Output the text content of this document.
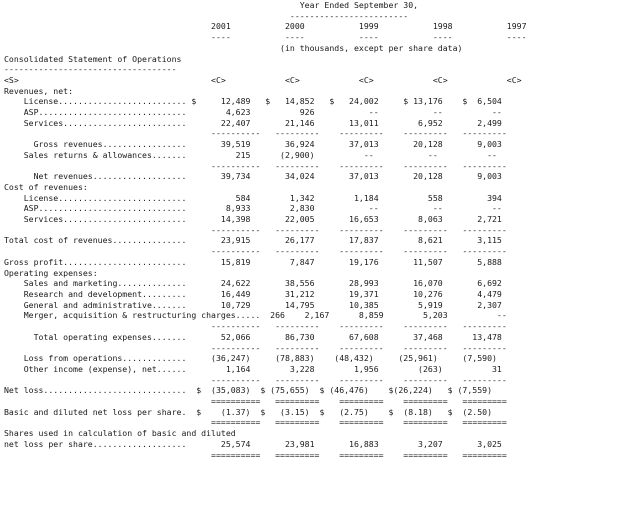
Year Ended September 30,
------------------------
2001           2000           1999           1998           1997
----           ----           ----           ----           ----
(in thousands, except per share data)
Consolidated Statement of Operations
-----------------------------------
<S>                                       <C>            <C>            <C>            <C>            <C>
Revenues, net:
License.......................... $     12,489   $   14,852   $   24,002     $ 13,176    $  6,504
ASP..............................        4,623          926           --           --          --
Services.........................       22,407       21,146       13,011        6,952       2,499
----------   ---------    ---------    ---------   ---------
Gross revenues.................       39,519       36,924       37,013       20,128       9,003
Sales returns & allowances.......          215      (2,900)          --           --          --
----------   ---------    ---------    ---------   ---------
Net revenues...................       39,734       34,024       37,013       20,128       9,003
Cost of revenues:
License..........................          584        1,342        1,184          558         394
ASP..............................        8,933        2,830           --           --          --
Services.........................       14,398       22,005       16,653        8,063       2,721
----------   ---------    ---------    ---------   ---------
Total cost of revenues...............       23,915       26,177       17,837        8,621       3,115
----------   ---------    ---------    ---------   ---------
Gross profit.........................       15,819        7,847       19,176       11,507       5,888
Operating expenses:
Sales and marketing..............       24,622       38,556       28,993       16,070       6,692
Research and development.........       16,449       31,212       19,371       10,276       4,479
General and administrative.......       10,729       14,795       10,385        5,919       2,307
Merger, acquisition & restructuring charges.....  266    2,167      8,859        5,203          --
----------   ---------    ---------    ---------   ---------
Total operating expenses.......       52,066       86,730       67,608       37,468      13,478
----------   ---------    ---------    ---------   ---------
Loss from operations.............     (36,247)     (78,883)    (48,432)     (25,961)     (7,590)
Other income (expense), net......        1,164        3,228        1,956        (263)          31
----------   ---------    ---------    ---------   ---------
Net loss.............................  $  (35,083)  $ (75,655)  $ (46,476)    $(26,224)   $ (7,559)
==========   =========    =========    =========   =========
Basic and diluted net loss per share.  $    (1.37)  $   (3.15)  $   (2.75)    $  (8.18)   $  (2.50)
==========   =========    =========    =========   =========
Shares used in calculation of basic and diluted
net loss per share...................       25,574       23,981       16,883        3,207       3,025
==========   =========    =========    =========   =========
